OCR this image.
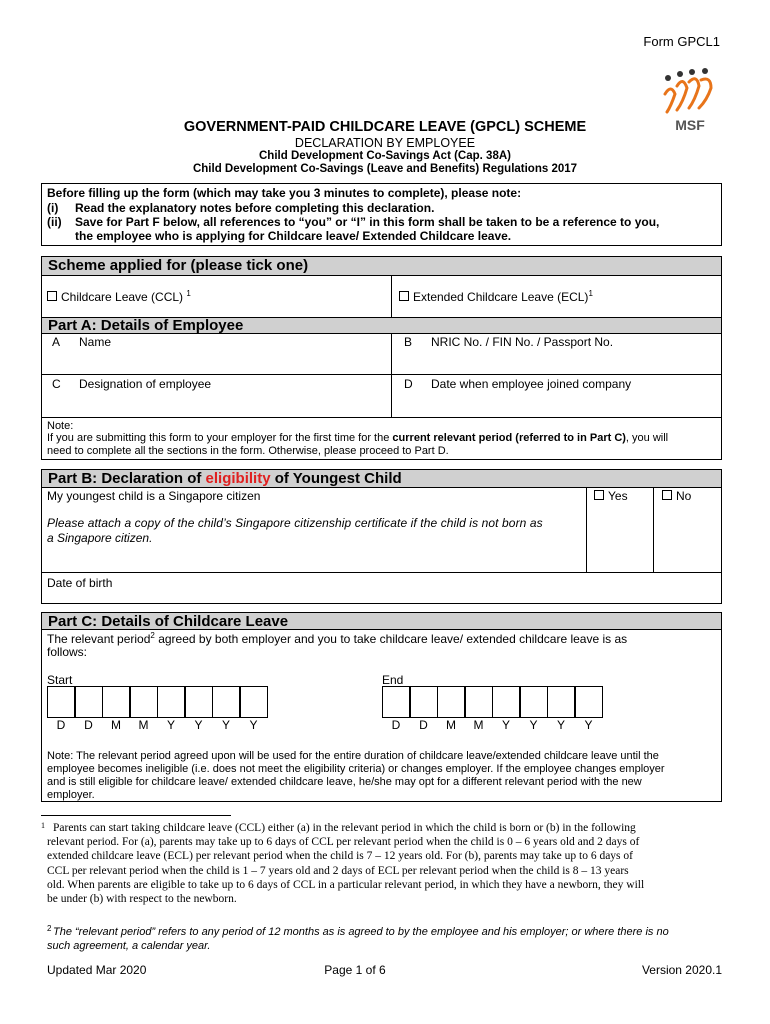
Form GPCL1
MSF
GOVERNMENT-PAID CHILDCARE LEAVE (GPCL) SCHEME
DECLARATION BY EMPLOYEE
Child Development Co-Savings Act (Cap. 38A)
Child Development Co-Savings (Leave and Benefits) Regulations 2017
Before filling up the form (which may take you 3 minutes to complete), please note:
(i) Read the explanatory notes before completing this declaration.
(ii) Save for Part F below, all references to “you” or “I” in this form shall be taken to be a reference to you,
the employee who is applying for Childcare leave/ Extended Childcare leave.
Scheme applied for (please tick one)
Childcare Leave (CCL) $^1$	Extended Childcare Leave (ECL)$^1$
Part A: Details of Employee
A Name	B NRIC No. / FIN No. / Passport No.
C Designation of employee	D Date when employee joined company
Note:
If you are submitting this form to your employer for the first time for the current relevant period (referred to in Part C), you will
need to complete all the sections in the form. Otherwise, please proceed to Part D.
Part B: Declaration of eligibility of Youngest Child
My youngest child is a Singapore citizen	Yes	No
Please attach a copy of the child’s Singapore citizenship certificate if the child is not born as
a Singapore citizen.
Date of birth
Part C: Details of Childcare Leave
The relevant period$^2$ agreed by both employer and you to take childcare leave/ extended childcare leave is as
follows:
Start	End
D	D	M	M	Y	Y	Y	Y	D	D	M	M	Y	Y	Y	Y
Note: The relevant period agreed upon will be used for the entire duration of childcare leave/extended childcare leave until the
employee becomes ineligible (i.e. does not meet the eligibility criteria) or changes employer. If the employee changes employer
and is still eligible for childcare leave/ extended childcare leave, he/she may opt for a different relevant period with the new
employer.
1 Parents can start taking childcare leave (CCL) either (a) in the relevant period in which the child is born or (b) in the following
relevant period. For (a), parents may take up to 6 days of CCL per relevant period when the child is 0 – 6 years old and 2 days of
extended childcare leave (ECL) per relevant period when the child is 7 – 12 years old. For (b), parents may take up to 6 days of
CCL per relevant period when the child is 1 – 7 years old and 2 days of ECL per relevant period when the child is 8 – 13 years
old. When parents are eligible to take up to 6 days of CCL in a particular relevant period, in which they have a newborn, they will
be under (b) with respect to the newborn.
2 The “relevant period” refers to any period of 12 months as is agreed to by the employee and his employer; or where there is no
such agreement, a calendar year.
Updated Mar 2020	Page 1 of 6	Version 2020.1
